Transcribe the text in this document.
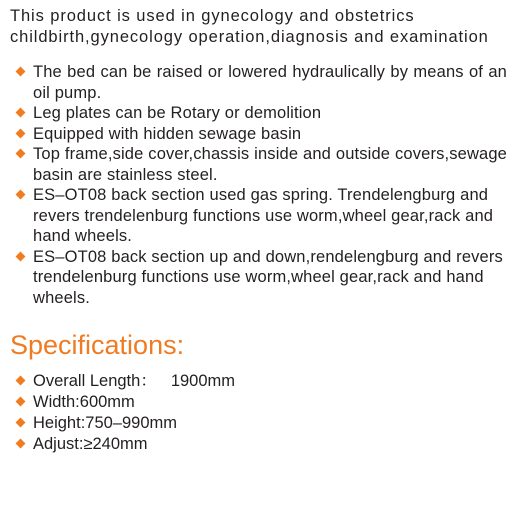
This product is used in gynecology and obstetrics childbirth,gynecology operation,diagnosis and examination

The bed can be raised or lowered hydraulically by means of an oil pump.
Leg plates can be Rotary or demolition
Equipped with hidden sewage basin
Top frame,side cover,chassis inside and outside covers,sewage basin are stainless steel.
ES–OT08 back section used gas spring. Trendelengburg and revers trendelenburg functions use worm,wheel gear,rack and hand wheels.
ES–OT08 back section up and down,rendelengburg and revers trendelenburg functions use worm,wheel gear,rack and hand wheels.
Specifications:
Overall Length： 1900mm
Width:600mm
Height:750–990mm
Adjust:≥240mm
